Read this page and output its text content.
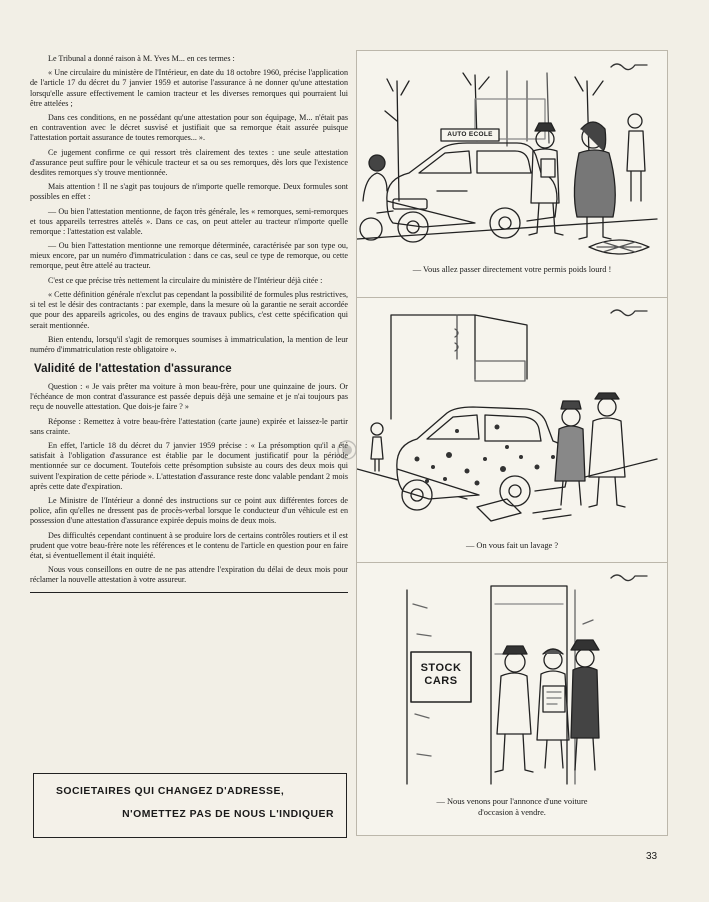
Le Tribunal a donné raison à M. Yves M... en ces termes :

« Une circulaire du ministère de l'Intérieur, en date du 18 octobre 1960, précise l'application de l'article 17 du décret du 7 janvier 1959 et autorise l'assurance à ne donner qu'une attestation lorsqu'elle assure effectivement le camion tracteur et les diverses remorques qui pourraient lui être attelées ;

Dans ces conditions, en ne possédant qu'une attestation pour son équipage, M... n'était pas en contravention avec le décret susvisé et justifiait que sa remorque était assurée puisque l'attestation portait assurance de toutes remorques... ».

Ce jugement confirme ce qui ressort très clairement des textes : une seule attestation d'assurance peut suffire pour le véhicule tracteur et sa ou ses remorques, dès lors que l'existence desdites remorques s'y trouve mentionnée.

Mais attention ! Il ne s'agit pas toujours de n'importe quelle remorque. Deux formules sont possibles en effet :

— Ou bien l'attestation mentionne, de façon très générale, les « remorques, semi-remorques et tous appareils terrestres attelés ». Dans ce cas, on peut atteler au tracteur n'importe quelle remorque : l'attestation est valable.

— Ou bien l'attestation mentionne une remorque déterminée, caractérisée par son type ou, mieux encore, par un numéro d'immatriculation : dans ce cas, seul ce type de remorque, ou cette remorque, peut être attelé au tracteur.

C'est ce que précise très nettement la circulaire du ministère de l'Intérieur déjà citée :

« Cette définition générale n'exclut pas cependant la possibilité de formules plus restrictives, si tel est le désir des contractants : par exemple, dans la mesure où la garantie ne serait accordée que pour des appareils agricoles, ou des engins de travaux publics, c'est cette spécification qui serait mentionnée.

Bien entendu, lorsqu'il s'agit de remorques soumises à immatriculation, la mention de leur numéro d'immatriculation reste obligatoire ».

Validité de l'attestation d'assurance

Question : « Je vais prêter ma voiture à mon beau-frère, pour une quinzaine de jours. Or l'échéance de mon contrat d'assurance est passée depuis déjà une semaine et je n'ai toujours pas reçu de nouvelle attestation. Que dois-je faire ? »

Réponse : Remettez à votre beau-frère l'attestation (carte jaune) expirée et laissez-le partir sans crainte.

En effet, l'article 18 du décret du 7 janvier 1959 précise : « La présomption qu'il a été satisfait à l'obligation d'assurance est établie par le document justificatif pour la période mentionnée sur ce document. Toutefois cette présomption subsiste au cours des deux mois qui suivent l'expiration de cette période ». L'attestation d'assurance reste donc valable pendant 2 mois après cette date d'expiration.

Le Ministre de l'Intérieur a donné des instructions sur ce point aux différentes forces de police, afin qu'elles ne dressent pas de procès-verbal lorsque le conducteur d'un véhicule est en possession d'une attestation d'assurance expirée depuis moins de deux mois.

Des difficultés cependant continuent à se produire lors de certains contrôles routiers et il est prudent que votre beau-frère note les références et le contenu de l'article en question pour en faire état, si éventuellement il était inquiété.

Nous vous conseillons en outre de ne pas attendre l'expiration du délai de deux mois pour réclamer la nouvelle attestation à votre assureur.

SOCIETAIRES QUI CHANGEZ D'ADRESSE,
N'OMETTEZ PAS DE NOUS L'INDIQUER
AUTO ECOLE
— Vous allez passer directement votre permis poids lourd !
— On vous fait un lavage ?
STOCK CARS
— Nous venons pour l'annonce d'une voiture
d'occasion à vendre.
33
